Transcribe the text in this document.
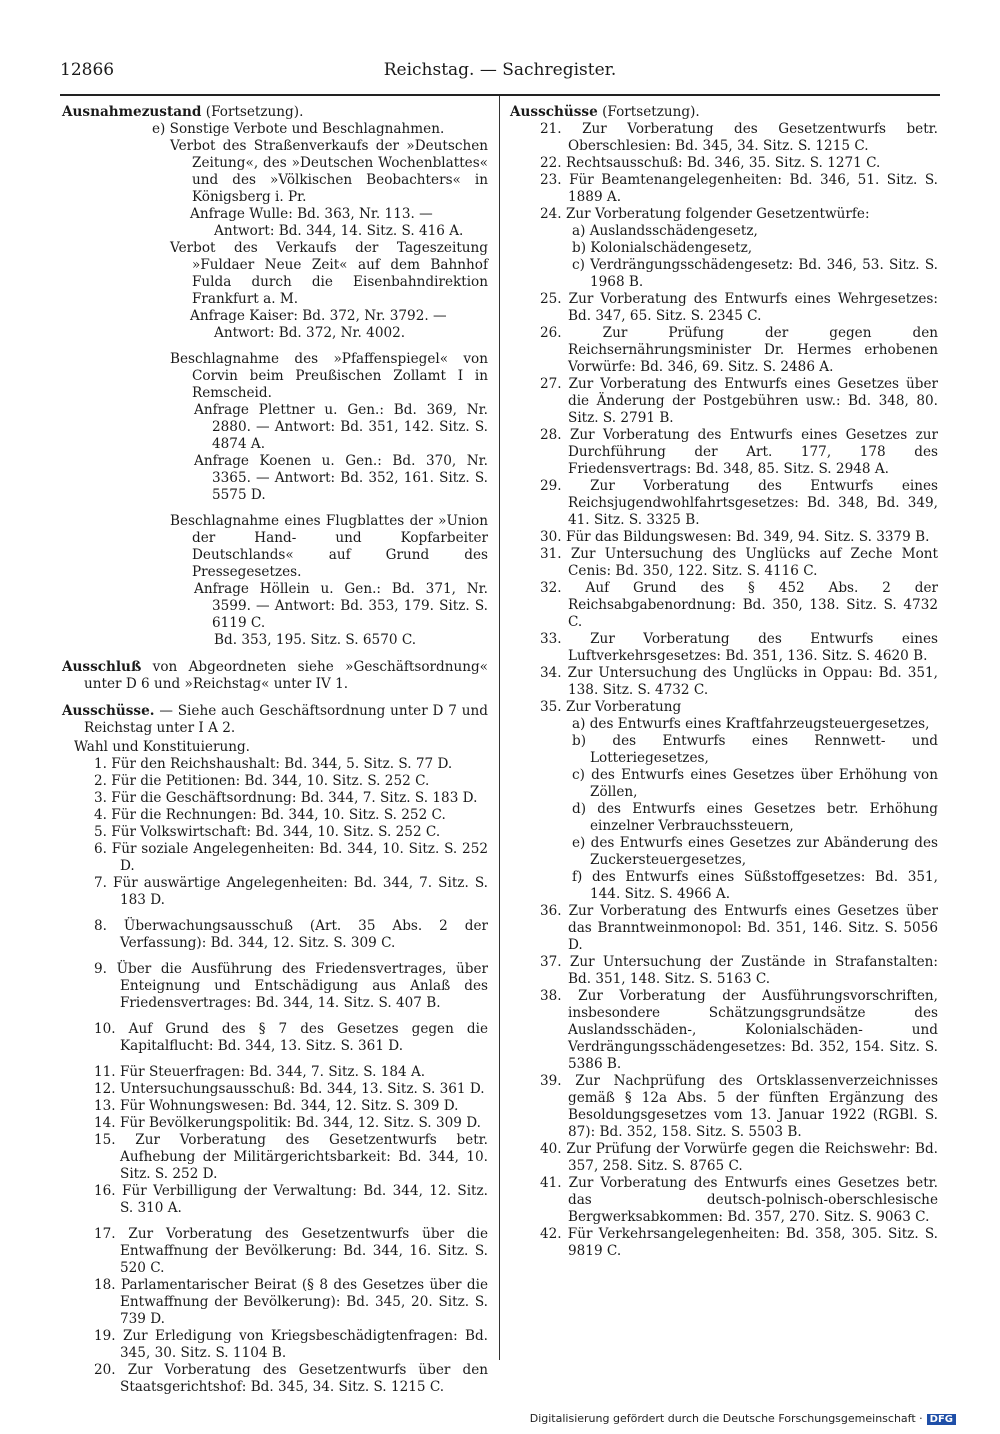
12866	Reichstag. — Sachregister.

Ausnahmezustand (Fortsetzung).

e) Sonstige Verbote und Beschlagnahmen.

Verbot des Straßenverkaufs der »Deutschen Zeitung«, des »Deutschen Wochenblattes« und des »Völkischen Beobachters« in Königsberg i. Pr.

Anfrage Wulle: Bd. 363, Nr. 113. —

Antwort: Bd. 344, 14. Sitz. S. 416 A.

Verbot des Verkaufs der Tageszeitung »Fuldaer Neue Zeit« auf dem Bahnhof Fulda durch die Eisenbahndirektion Frankfurt a. M.

Anfrage Kaiser: Bd. 372, Nr. 3792. —

Antwort: Bd. 372, Nr. 4002.

Beschlagnahme des »Pfaffenspiegel« von Corvin beim Preußischen Zollamt I in Remscheid.

Anfrage Plettner u. Gen.: Bd. 369, Nr. 2880. — Antwort: Bd. 351, 142. Sitz. S. 4874 A.

Anfrage Koenen u. Gen.: Bd. 370, Nr. 3365. — Antwort: Bd. 352, 161. Sitz. S. 5575 D.

Beschlagnahme eines Flugblattes der »Union der Hand- und Kopfarbeiter Deutschlands« auf Grund des Pressegesetzes.

Anfrage Höllein u. Gen.: Bd. 371, Nr. 3599. — Antwort: Bd. 353, 179. Sitz. S. 6119 C.

Bd. 353, 195. Sitz. S. 6570 C.

Ausschluß von Abgeordneten siehe »Geschäftsordnung« unter D 6 und »Reichstag« unter IV 1.

Ausschüsse. — Siehe auch Geschäftsordnung unter D 7 und Reichstag unter I A 2.

Wahl und Konstituierung.

1. Für den Reichshaushalt: Bd. 344, 5. Sitz. S. 77 D.

2. Für die Petitionen: Bd. 344, 10. Sitz. S. 252 C.

3. Für die Geschäftsordnung: Bd. 344, 7. Sitz. S. 183 D.

4. Für die Rechnungen: Bd. 344, 10. Sitz. S. 252 C.

5. Für Volkswirtschaft: Bd. 344, 10. Sitz. S. 252 C.

6. Für soziale Angelegenheiten: Bd. 344, 10. Sitz. S. 252 D.

7. Für auswärtige Angelegenheiten: Bd. 344, 7. Sitz. S. 183 D.

8. Überwachungsausschuß (Art. 35 Abs. 2 der Verfassung): Bd. 344, 12. Sitz. S. 309 C.

9. Über die Ausführung des Friedensvertrages, über Enteignung und Entschädigung aus Anlaß des Friedensvertrages: Bd. 344, 14. Sitz. S. 407 B.

10. Auf Grund des § 7 des Gesetzes gegen die Kapitalflucht: Bd. 344, 13. Sitz. S. 361 D.

11. Für Steuerfragen: Bd. 344, 7. Sitz. S. 184 A.

12. Untersuchungsausschuß: Bd. 344, 13. Sitz. S. 361 D.

13. Für Wohnungswesen: Bd. 344, 12. Sitz. S. 309 D.

14. Für Bevölkerungspolitik: Bd. 344, 12. Sitz. S. 309 D.

15. Zur Vorberatung des Gesetzentwurfs betr. Aufhebung der Militärgerichtsbarkeit: Bd. 344, 10. Sitz. S. 252 D.

16. Für Verbilligung der Verwaltung: Bd. 344, 12. Sitz. S. 310 A.

17. Zur Vorberatung des Gesetzentwurfs über die Entwaffnung der Bevölkerung: Bd. 344, 16. Sitz. S. 520 C.

18. Parlamentarischer Beirat (§ 8 des Gesetzes über die Entwaffnung der Bevölkerung): Bd. 345, 20. Sitz. S. 739 D.

19. Zur Erledigung von Kriegsbeschädigtenfragen: Bd. 345, 30. Sitz. S. 1104 B.

20. Zur Vorberatung des Gesetzentwurfs über den Staatsgerichtshof: Bd. 345, 34. Sitz. S. 1215 C.

Ausschüsse (Fortsetzung).

21. Zur Vorberatung des Gesetzentwurfs betr. Oberschlesien: Bd. 345, 34. Sitz. S. 1215 C.

22. Rechtsausschuß: Bd. 346, 35. Sitz. S. 1271 C.

23. Für Beamtenangelegenheiten: Bd. 346, 51. Sitz. S. 1889 A.

24. Zur Vorberatung folgender Gesetzentwürfe:

a) Auslandsschädengesetz,

b) Kolonialschädengesetz,

c) Verdrängungsschädengesetz: Bd. 346, 53. Sitz. S. 1968 B.

25. Zur Vorberatung des Entwurfs eines Wehrgesetzes: Bd. 347, 65. Sitz. S. 2345 C.

26. Zur Prüfung der gegen den Reichsernährungsminister Dr. Hermes erhobenen Vorwürfe: Bd. 346, 69. Sitz. S. 2486 A.

27. Zur Vorberatung des Entwurfs eines Gesetzes über die Änderung der Postgebühren usw.: Bd. 348, 80. Sitz. S. 2791 B.

28. Zur Vorberatung des Entwurfs eines Gesetzes zur Durchführung der Art. 177, 178 des Friedensvertrags: Bd. 348, 85. Sitz. S. 2948 A.

29. Zur Vorberatung des Entwurfs eines Reichsjugendwohlfahrtsgesetzes: Bd. 348, Bd. 349, 41. Sitz. S. 3325 B.

30. Für das Bildungswesen: Bd. 349, 94. Sitz. S. 3379 B.

31. Zur Untersuchung des Unglücks auf Zeche Mont Cenis: Bd. 350, 122. Sitz. S. 4116 C.

32. Auf Grund des § 452 Abs. 2 der Reichsabgabenordnung: Bd. 350, 138. Sitz. S. 4732 C.

33. Zur Vorberatung des Entwurfs eines Luftverkehrsgesetzes: Bd. 351, 136. Sitz. S. 4620 B.

34. Zur Untersuchung des Unglücks in Oppau: Bd. 351, 138. Sitz. S. 4732 C.

35. Zur Vorberatung

a) des Entwurfs eines Kraftfahrzeugsteuergesetzes,

b) des Entwurfs eines Rennwett- und Lotteriegesetzes,

c) des Entwurfs eines Gesetzes über Erhöhung von Zöllen,

d) des Entwurfs eines Gesetzes betr. Erhöhung einzelner Verbrauchssteuern,

e) des Entwurfs eines Gesetzes zur Abänderung des Zuckersteuergesetzes,

f) des Entwurfs eines Süßstoffgesetzes: Bd. 351, 144. Sitz. S. 4966 A.

36. Zur Vorberatung des Entwurfs eines Gesetzes über das Branntweinmonopol: Bd. 351, 146. Sitz. S. 5056 D.

37. Zur Untersuchung der Zustände in Strafanstalten: Bd. 351, 148. Sitz. S. 5163 C.

38. Zur Vorberatung der Ausführungsvorschriften, insbesondere Schätzungsgrundsätze des Auslandsschäden-, Kolonialschäden- und Verdrängungsschädengesetzes: Bd. 352, 154. Sitz. S. 5386 B.

39. Zur Nachprüfung des Ortsklassenverzeichnisses gemäß § 12a Abs. 5 der fünften Ergänzung des Besoldungsgesetzes vom 13. Januar 1922 (RGBl. S. 87): Bd. 352, 158. Sitz. S. 5503 B.

40. Zur Prüfung der Vorwürfe gegen die Reichswehr: Bd. 357, 258. Sitz. S. 8765 C.

41. Zur Vorberatung des Entwurfs eines Gesetzes betr. das deutsch-polnisch-oberschlesische Bergwerksabkommen: Bd. 357, 270. Sitz. S. 9063 C.

42. Für Verkehrsangelegenheiten: Bd. 358, 305. Sitz. S. 9819 C.

Digitalisierung gefördert durch die Deutsche Forschungsgemeinschaft · DFG
